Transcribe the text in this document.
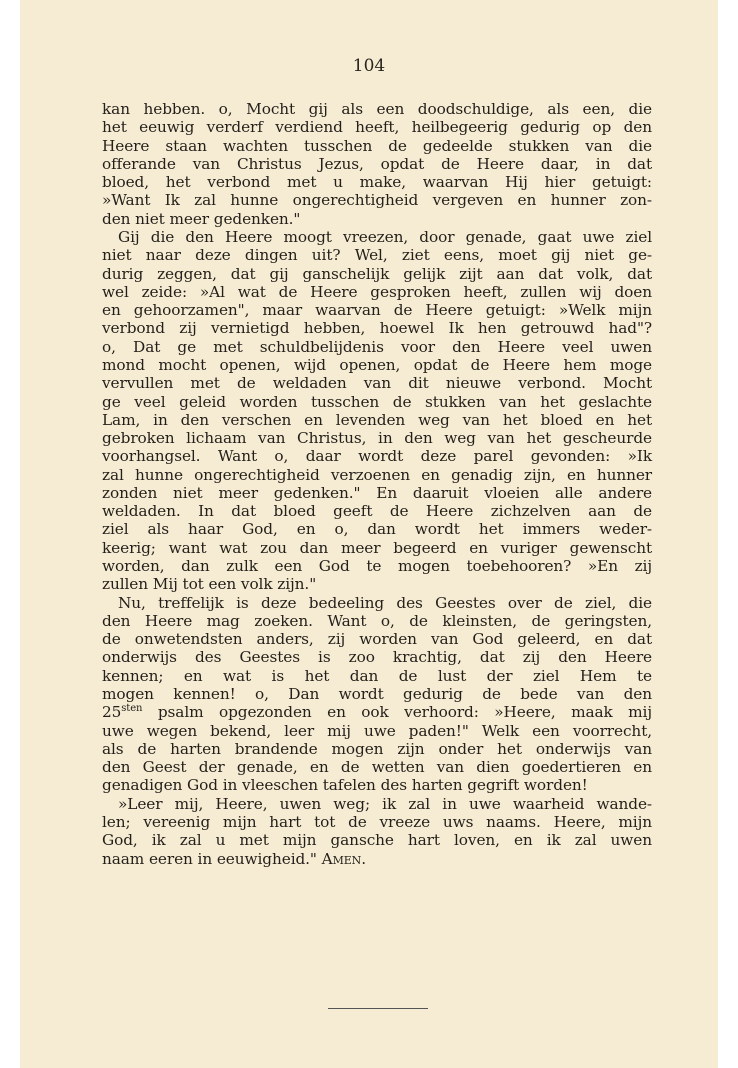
104
kan hebben. o, Mocht gij als een doodschuldige, als een, die
het eeuwig verderf verdiend heeft, heilbegeerig gedurig op den
Heere staan wachten tusschen de gedeelde stukken van die
offerande van Christus Jezus, opdat de Heere daar, in dat
bloed, het verbond met u make, waarvan Hij hier getuigt:
»Want Ik zal hunne ongerechtigheid vergeven en hunner zon-
den niet meer gedenken."
Gij die den Heere moogt vreezen, door genade, gaat uwe ziel
niet naar deze dingen uit? Wel, ziet eens, moet gij niet ge-
durig zeggen, dat gij ganschelijk gelijk zijt aan dat volk, dat
wel zeide: »Al wat de Heere gesproken heeft, zullen wij doen
en gehoorzamen", maar waarvan de Heere getuigt: »Welk mijn
verbond zij vernietigd hebben, hoewel Ik hen getrouwd had"?
o, Dat ge met schuldbelijdenis voor den Heere veel uwen
mond mocht openen, wijd openen, opdat de Heere hem moge
vervullen met de weldaden van dit nieuwe verbond. Mocht
ge veel geleid worden tusschen de stukken van het geslachte
Lam, in den verschen en levenden weg van het bloed en het
gebroken lichaam van Christus, in den weg van het gescheurde
voorhangsel. Want o, daar wordt deze parel gevonden: »Ik
zal hunne ongerechtigheid verzoenen en genadig zijn, en hunner
zonden niet meer gedenken." En daaruit vloeien alle andere
weldaden. In dat bloed geeft de Heere zichzelven aan de
ziel als haar God, en o, dan wordt het immers weder-
keerig; want wat zou dan meer begeerd en vuriger gewenscht
worden, dan zulk een God te mogen toebehooren? »En zij
zullen Mij tot een volk zijn."
Nu, treffelijk is deze bedeeling des Geestes over de ziel, die
den Heere mag zoeken. Want o, de kleinsten, de geringsten,
de onwetendsten anders, zij worden van God geleerd, en dat
onderwijs des Geestes is zoo krachtig, dat zij den Heere
kennen; en wat is het dan de lust der ziel Hem te
mogen kennen! o, Dan wordt gedurig de bede van den
$25^{sten}$ psalm opgezonden en ook verhoord: »Heere, maak mij
uwe wegen bekend, leer mij uwe paden!" Welk een voorrecht,
als de harten brandende mogen zijn onder het onderwijs van
den Geest der genade, en de wetten van dien goedertieren en
genadigen God in vleeschen tafelen des harten gegrift worden!
»Leer mij, Heere, uwen weg; ik zal in uwe waarheid wande-
len; vereenig mijn hart tot de vreeze uws naams. Heere, mijn
God, ik zal u met mijn gansche hart loven, en ik zal uwen
naam eeren in eeuwigheid." Amen.
